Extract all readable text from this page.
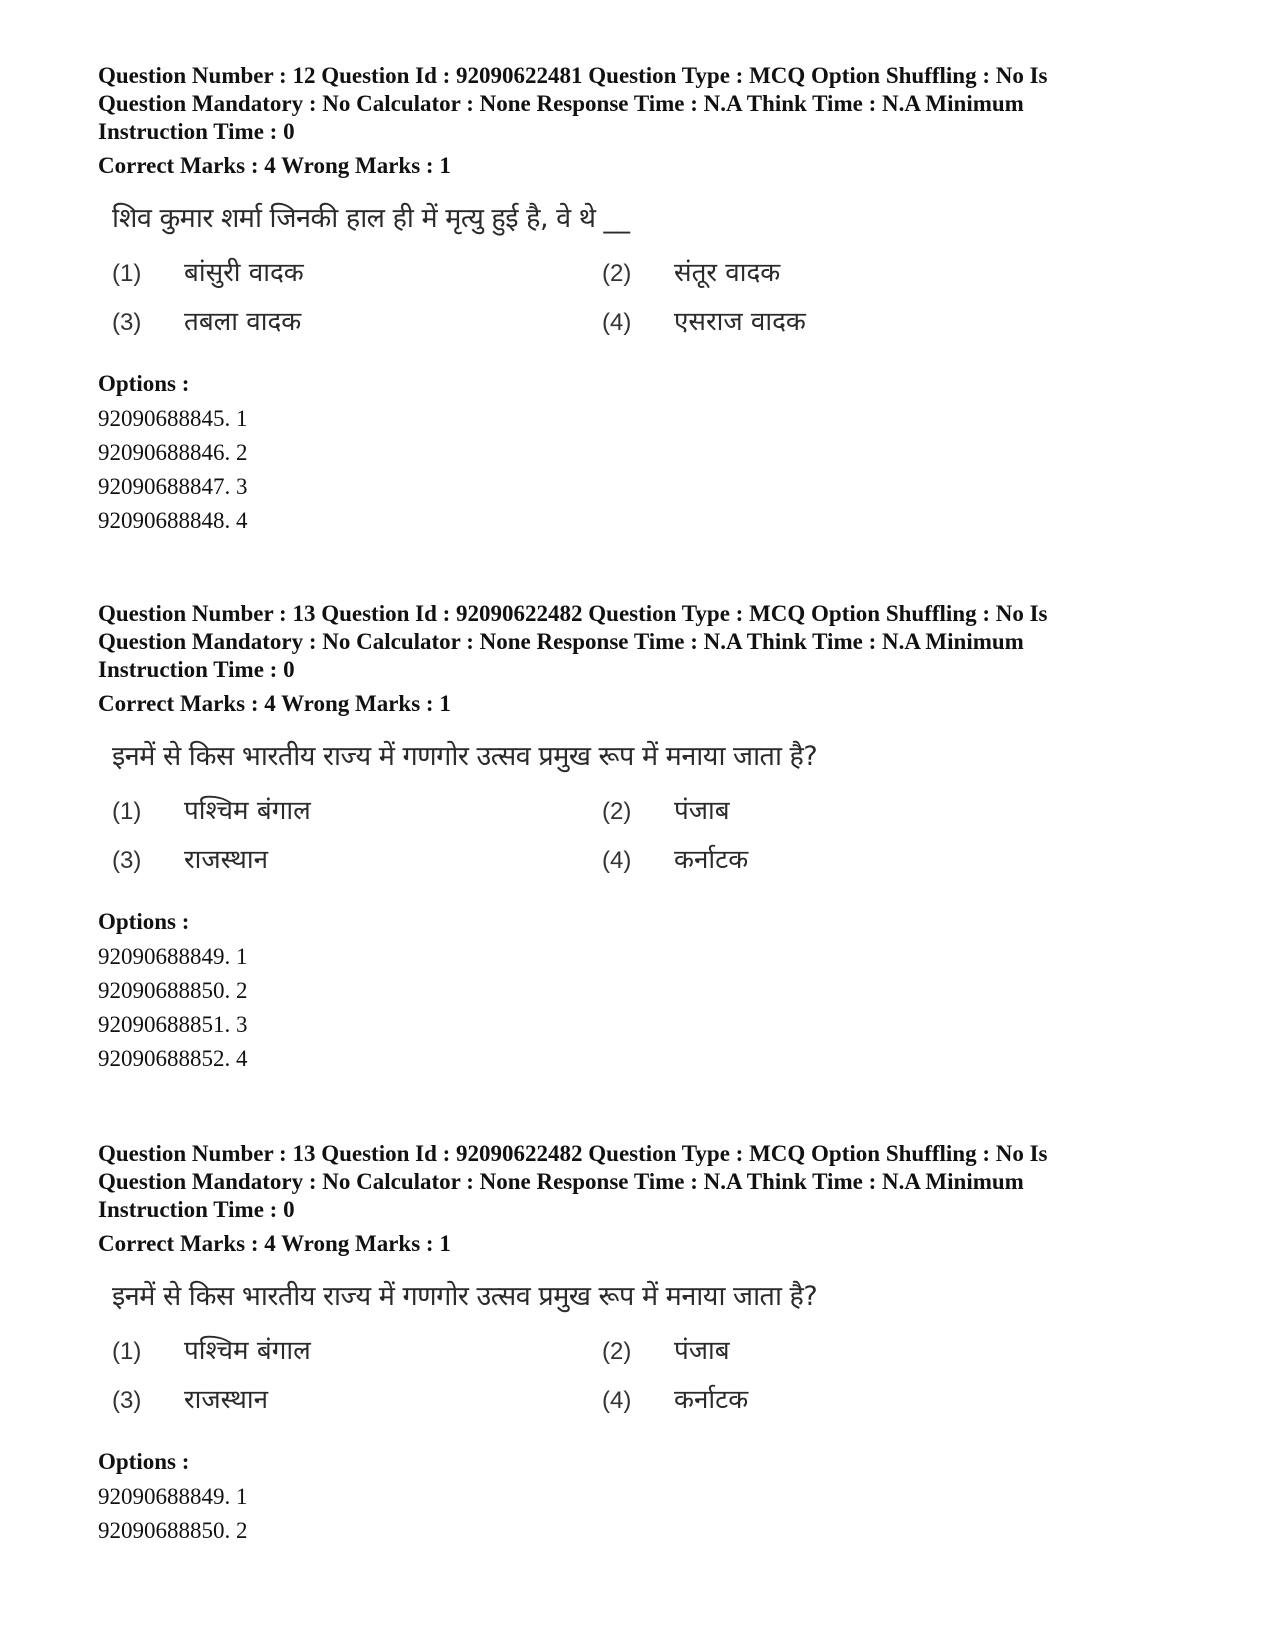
Question Number : 12 Question Id : 92090622481 Question Type : MCQ Option Shuffling : No Is Question Mandatory : No Calculator : None Response Time : N.A Think Time : N.A Minimum Instruction Time : 0
Correct Marks : 4 Wrong Marks : 1
शिव कुमार शर्मा जिनकी हाल ही में मृत्यु हुई है, वे थे __
(1)	बांसुरी वादक	(2)	संतूर वादक
(3)	तबला वादक	(4)	एसराज वादक
Options :
92090688845. 1
92090688846. 2
92090688847. 3
92090688848. 4
Question Number : 13 Question Id : 92090622482 Question Type : MCQ Option Shuffling : No Is Question Mandatory : No Calculator : None Response Time : N.A Think Time : N.A Minimum Instruction Time : 0
Correct Marks : 4 Wrong Marks : 1
इनमें से किस भारतीय राज्य में गणगोर उत्सव प्रमुख रूप में मनाया जाता है?
(1)	पश्चिम बंगाल	(2)	पंजाब
(3)	राजस्थान	(4)	कर्नाटक
Options :
92090688849. 1
92090688850. 2
92090688851. 3
92090688852. 4
Question Number : 13 Question Id : 92090622482 Question Type : MCQ Option Shuffling : No Is Question Mandatory : No Calculator : None Response Time : N.A Think Time : N.A Minimum Instruction Time : 0
Correct Marks : 4 Wrong Marks : 1
इनमें से किस भारतीय राज्य में गणगोर उत्सव प्रमुख रूप में मनाया जाता है?
(1)	पश्चिम बंगाल	(2)	पंजाब
(3)	राजस्थान	(4)	कर्नाटक
Options :
92090688849. 1
92090688850. 2
